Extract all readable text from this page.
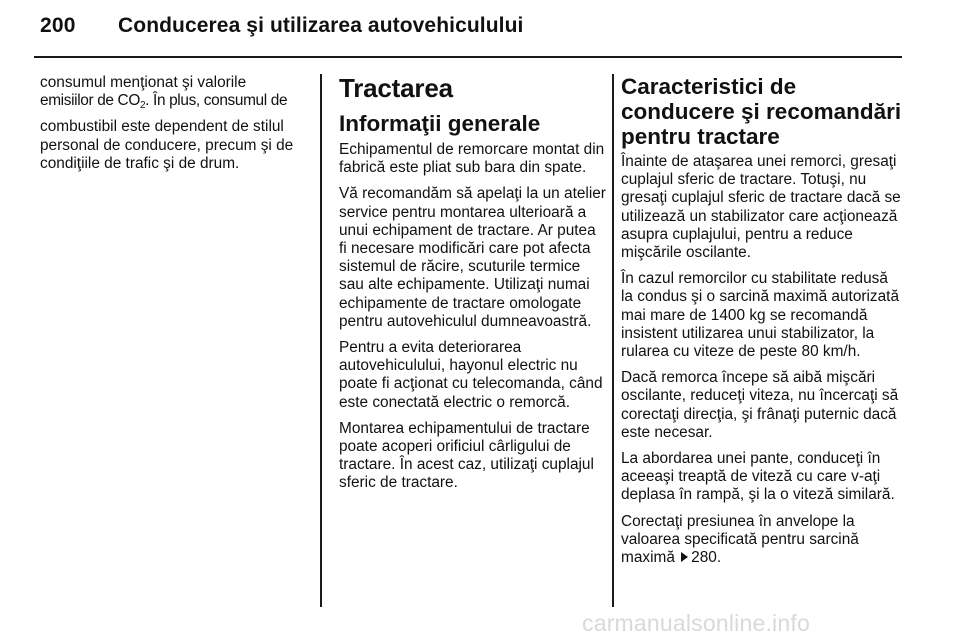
200	Conducerea şi utilizarea autovehiculului

consumul menţionat şi valorile

emisiilor de $CO_2$. În plus, consumul de

combustibil este dependent de stilul personal de conducere, precum şi de condiţiile de trafic şi de drum.

Tractarea
Informaţii generale

Echipamentul de remorcare montat din fabrică este pliat sub bara din spate.

Vă recomandăm să apelaţi la un atelier service pentru montarea ulterioară a unui echipament de tractare. Ar putea fi necesare modificări care pot afecta sistemul de răcire, scuturile termice sau alte echipamente. Utilizaţi numai echipamente de tractare omologate pentru autovehiculul dumneavoastră.

Pentru a evita deteriorarea autovehiculului, hayonul electric nu poate fi acţionat cu telecomanda, când este conectată electric o remorcă.

Montarea echipamentului de tractare poate acoperi orificiul cârligului de tractare. În acest caz, utilizaţi cuplajul sferic de tractare.

Caracteristici de conducere şi recomandări pentru tractare

Înainte de ataşarea unei remorci, gresaţi cuplajul sferic de tractare. Totuşi, nu gresaţi cuplajul sferic de tractare dacă se utilizează un stabilizator care acţionează asupra cuplajului, pentru a reduce mişcările oscilante.

În cazul remorcilor cu stabilitate redusă la condus şi o sarcină maximă autorizată mai mare de 1400 kg se recomandă insistent utilizarea unui stabilizator, la rularea cu viteze de peste 80 km/h.

Dacă remorca începe să aibă mişcări oscilante, reduceţi viteza, nu încercaţi să corectaţi direcţia, şi frânaţi puternic dacă este necesar.

La abordarea unei pante, conduceţi în aceeaşi treaptă de viteză cu care v-aţi deplasa în rampă, şi la o viteză similară.

Corectaţi presiunea în anvelope la valoarea specificată pentru sarcină maximă 280.

carmanualsonline.info
